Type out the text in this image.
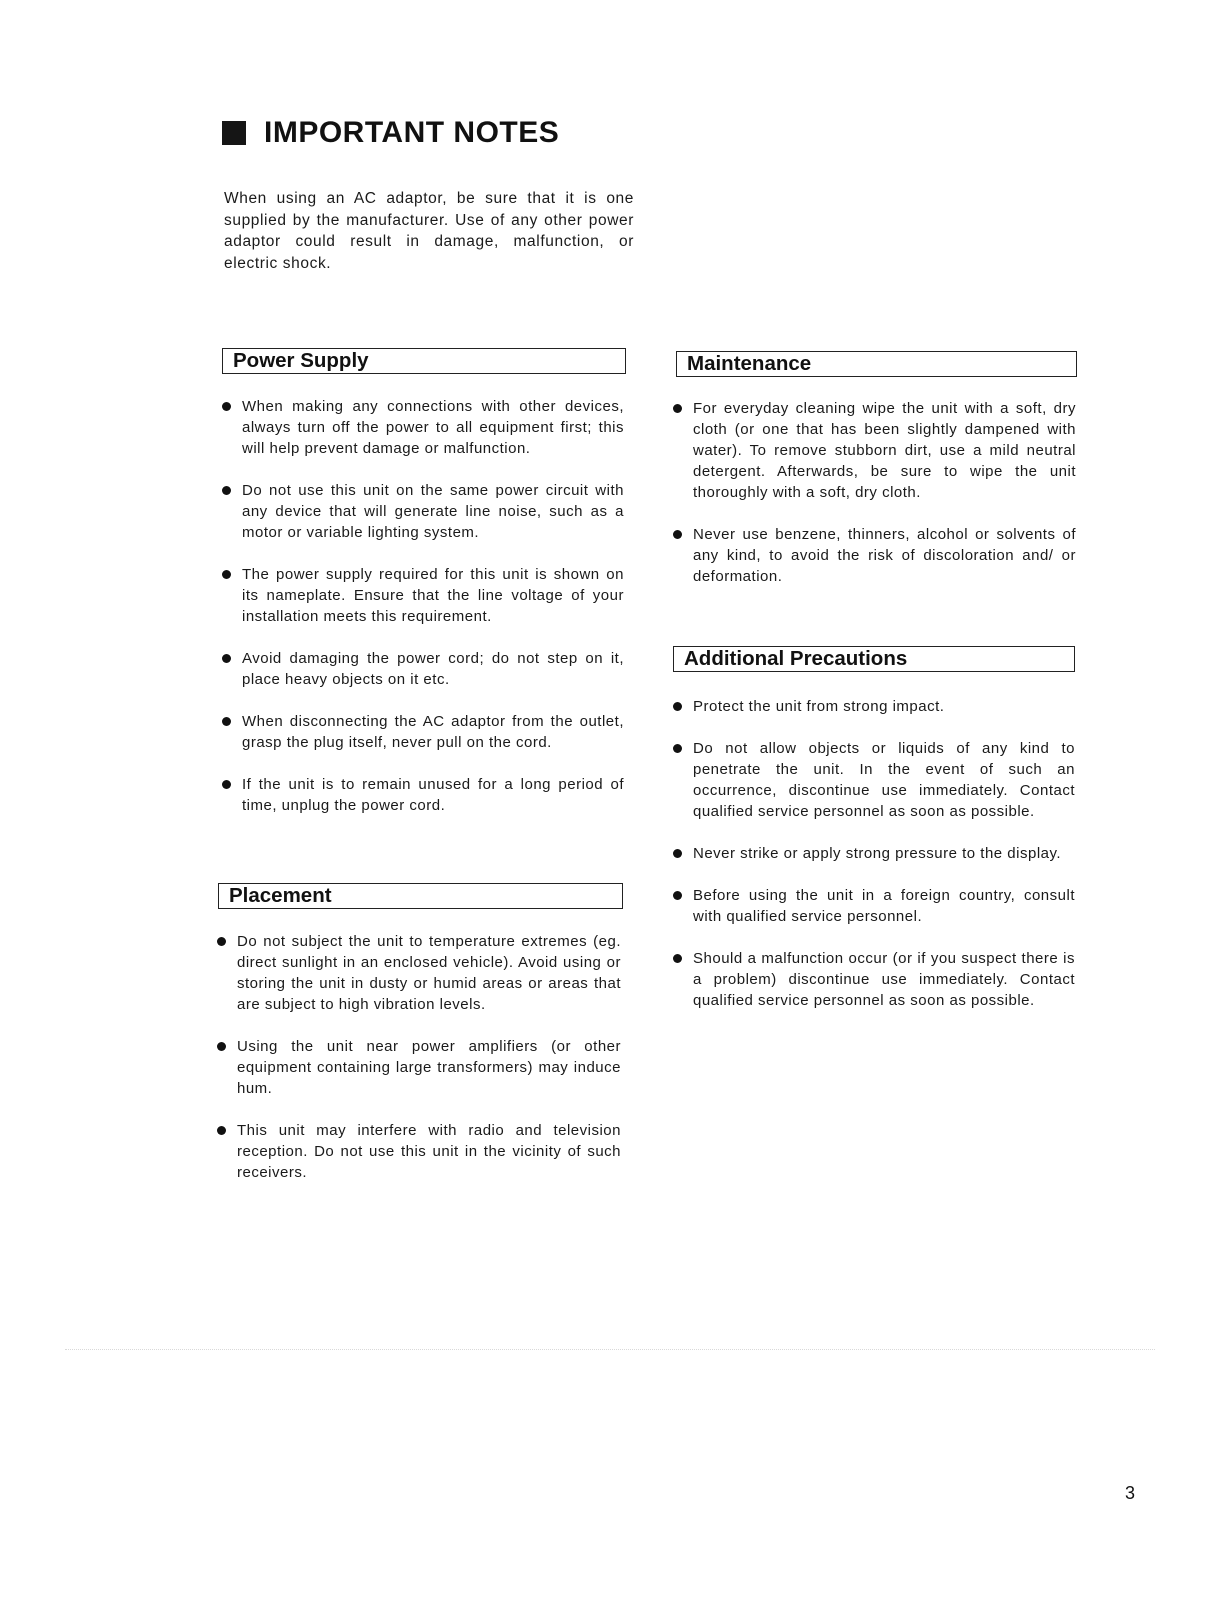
IMPORTANT NOTES
When using an AC adaptor, be sure that it is one supplied by the manufacturer. Use of any other power adaptor could result in damage, malfunction, or electric shock.
Power Supply
When making any connections with other devices, always turn off the power to all equipment first; this will help prevent damage or malfunction.
Do not use this unit on the same power circuit with any device that will generate line noise, such as a motor or variable lighting system.
The power supply required for this unit is shown on its nameplate. Ensure that the line voltage of your installation meets this requirement.
Avoid damaging the power cord; do not step on it, place heavy objects on it etc.
When disconnecting the AC adaptor from the outlet, grasp the plug itself, never pull on the cord.
If the unit is to remain unused for a long period of time, unplug the power cord.
Placement
Do not subject the unit to temperature extremes (eg. direct sunlight in an enclosed vehicle). Avoid using or storing the unit in dusty or humid areas or areas that are subject to high vibration levels.
Using the unit near power amplifiers (or other equipment containing large transformers) may induce hum.
This unit may interfere with radio and television reception. Do not use this unit in the vicinity of such receivers.
Maintenance
For everyday cleaning wipe the unit with a soft, dry cloth (or one that has been slightly dampened with water). To remove stubborn dirt, use a mild neutral detergent. Afterwards, be sure to wipe the unit thoroughly with a soft, dry cloth.
Never use benzene, thinners, alcohol or solvents of any kind, to avoid the risk of discoloration and/ or deformation.
Additional Precautions
Protect the unit from strong impact.
Do not allow objects or liquids of any kind to penetrate the unit. In the event of such an occurrence, discontinue use immediately. Contact qualified service personnel as soon as possible.
Never strike or apply strong pressure to the display.
Before using the unit in a foreign country, consult with qualified service personnel.
Should a malfunction occur (or if you suspect there is a problem) discontinue use immediately. Contact qualified service personnel as soon as possible.
3
